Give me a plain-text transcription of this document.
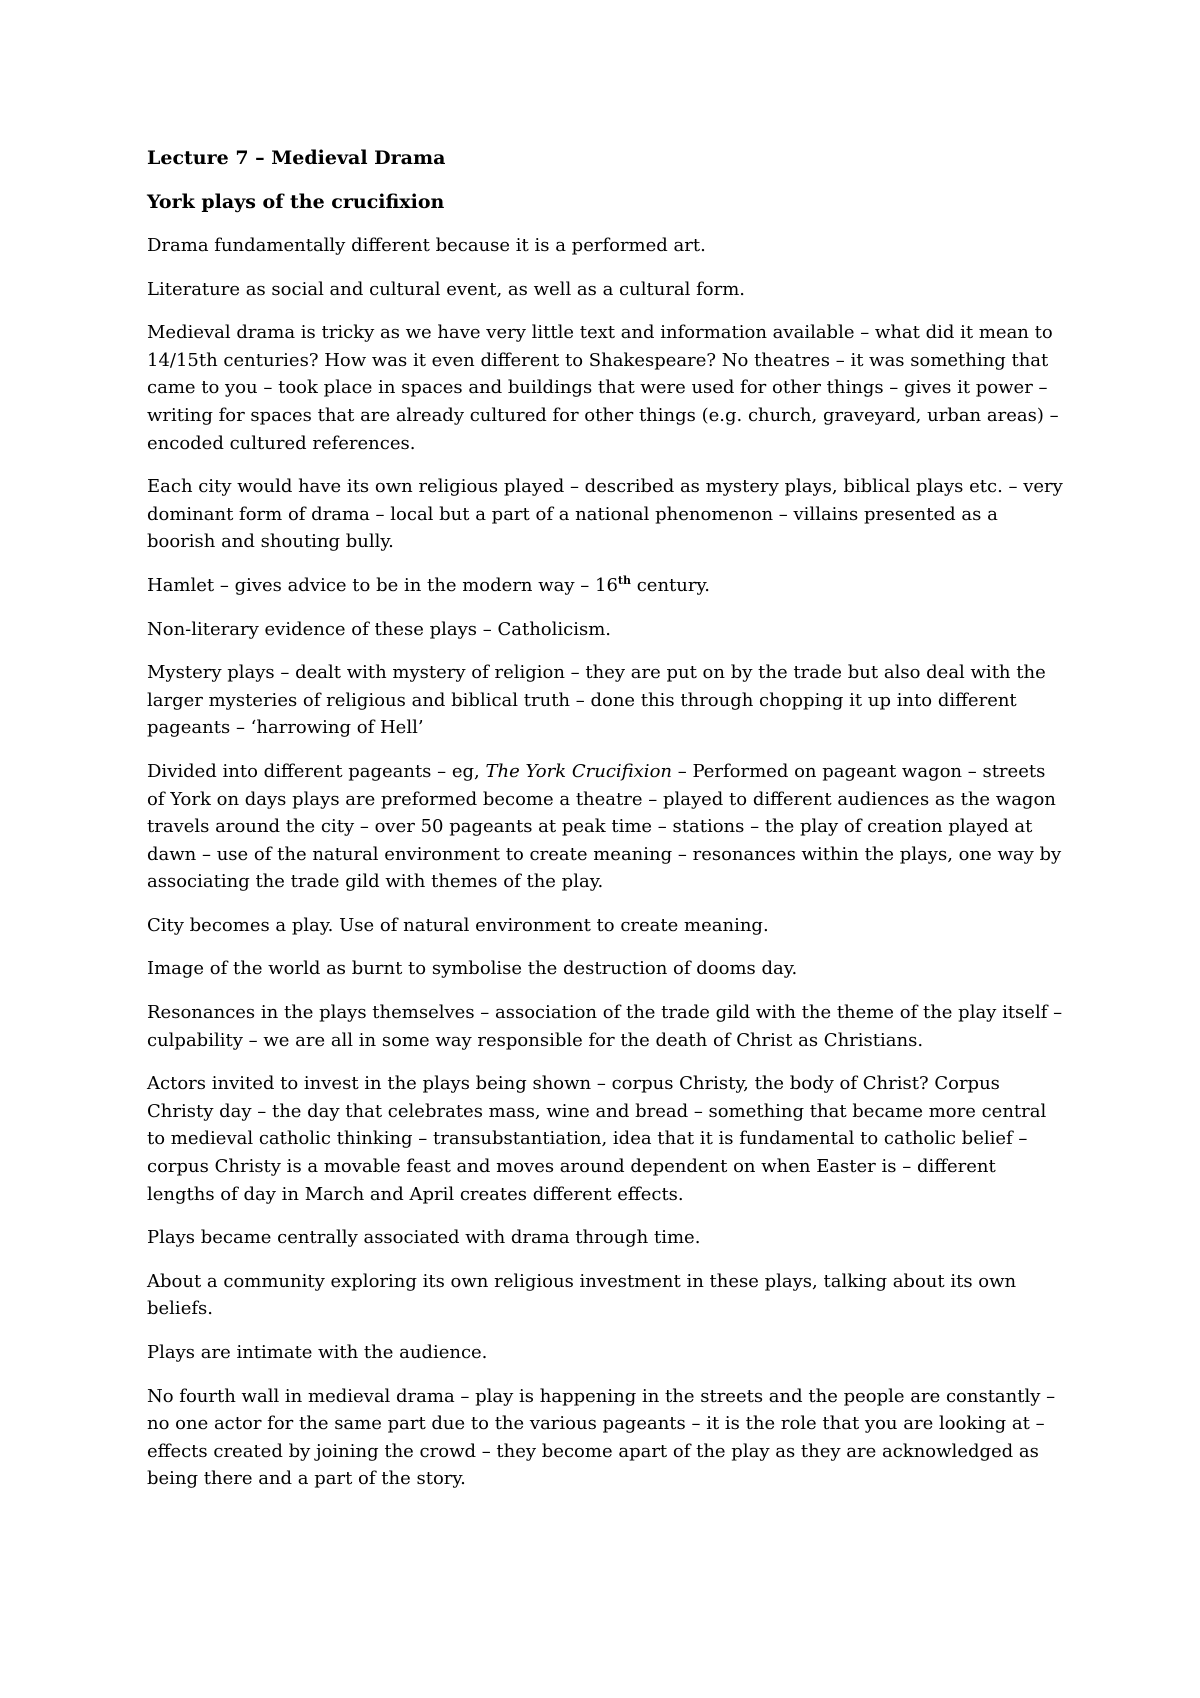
Lecture 7 – Medieval Drama

York plays of the crucifixion

Drama fundamentally different because it is a performed art.

Literature as social and cultural event, as well as a cultural form.

Medieval drama is tricky as we have very little text and information available – what did it mean to 14/15th centuries? How was it even different to Shakespeare? No theatres – it was something that came to you – took place in spaces and buildings that were used for other things – gives it power – writing for spaces that are already cultured for other things (e.g. church, graveyard, urban areas) – encoded cultured references.

Each city would have its own religious played – described as mystery plays, biblical plays etc. – very dominant form of drama – local but a part of a national phenomenon – villains presented as a boorish and shouting bully.

Hamlet – gives advice to be in the modern way – 16th century.

Non-literary evidence of these plays – Catholicism.

Mystery plays – dealt with mystery of religion – they are put on by the trade but also deal with the larger mysteries of religious and biblical truth – done this through chopping it up into different pageants – ‘harrowing of Hell’

Divided into different pageants – eg, The York Crucifixion – Performed on pageant wagon – streets of York on days plays are preformed become a theatre – played to different audiences as the wagon travels around the city – over 50 pageants at peak time – stations – the play of creation played at dawn – use of the natural environment to create meaning – resonances within the plays, one way by associating the trade gild with themes of the play.

City becomes a play. Use of natural environment to create meaning.

Image of the world as burnt to symbolise the destruction of dooms day.

Resonances in the plays themselves – association of the trade gild with the theme of the play itself – culpability – we are all in some way responsible for the death of Christ as Christians.

Actors invited to invest in the plays being shown – corpus Christy, the body of Christ? Corpus Christy day – the day that celebrates mass, wine and bread – something that became more central to medieval catholic thinking – transubstantiation, idea that it is fundamental to catholic belief – corpus Christy is a movable feast and moves around dependent on when Easter is – different lengths of day in March and April creates different effects.

Plays became centrally associated with drama through time.

About a community exploring its own religious investment in these plays, talking about its own beliefs.

Plays are intimate with the audience.

No fourth wall in medieval drama – play is happening in the streets and the people are constantly – no one actor for the same part due to the various pageants – it is the role that you are looking at – effects created by joining the crowd – they become apart of the play as they are acknowledged as being there and a part of the story.
